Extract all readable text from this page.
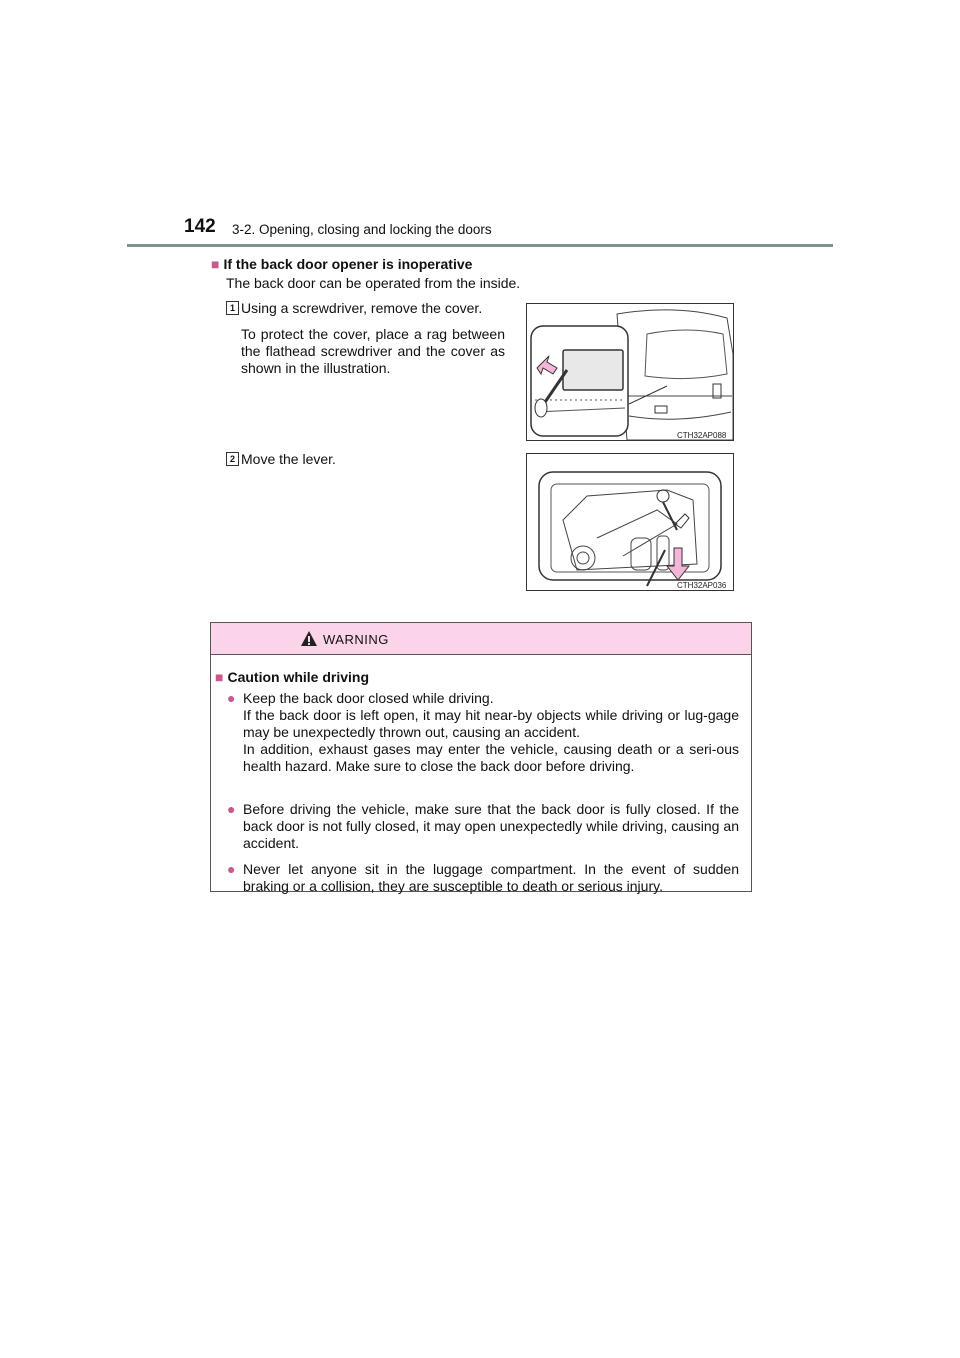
142 3-2. Opening, closing and locking the doors
■ If the back door opener is inoperative
The back door can be operated from the inside.
1 Using a screwdriver, remove the cover.
To protect the cover, place a rag between the flathead screwdriver and the cover as shown in the illustration.
CTH32AP088
2 Move the lever.
CTH32AP036
WARNING
■ Caution while driving
● Keep the back door closed while driving.
If the back door is left open, it may hit near-by objects while driving or lug-gage may be unexpectedly thrown out, causing an accident.
In addition, exhaust gases may enter the vehicle, causing death or a seri-ous health hazard. Make sure to close the back door before driving.
● Before driving the vehicle, make sure that the back door is fully closed. If the back door is not fully closed, it may open unexpectedly while driving, causing an accident.
● Never let anyone sit in the luggage compartment. In the event of sudden braking or a collision, they are susceptible to death or serious injury.
